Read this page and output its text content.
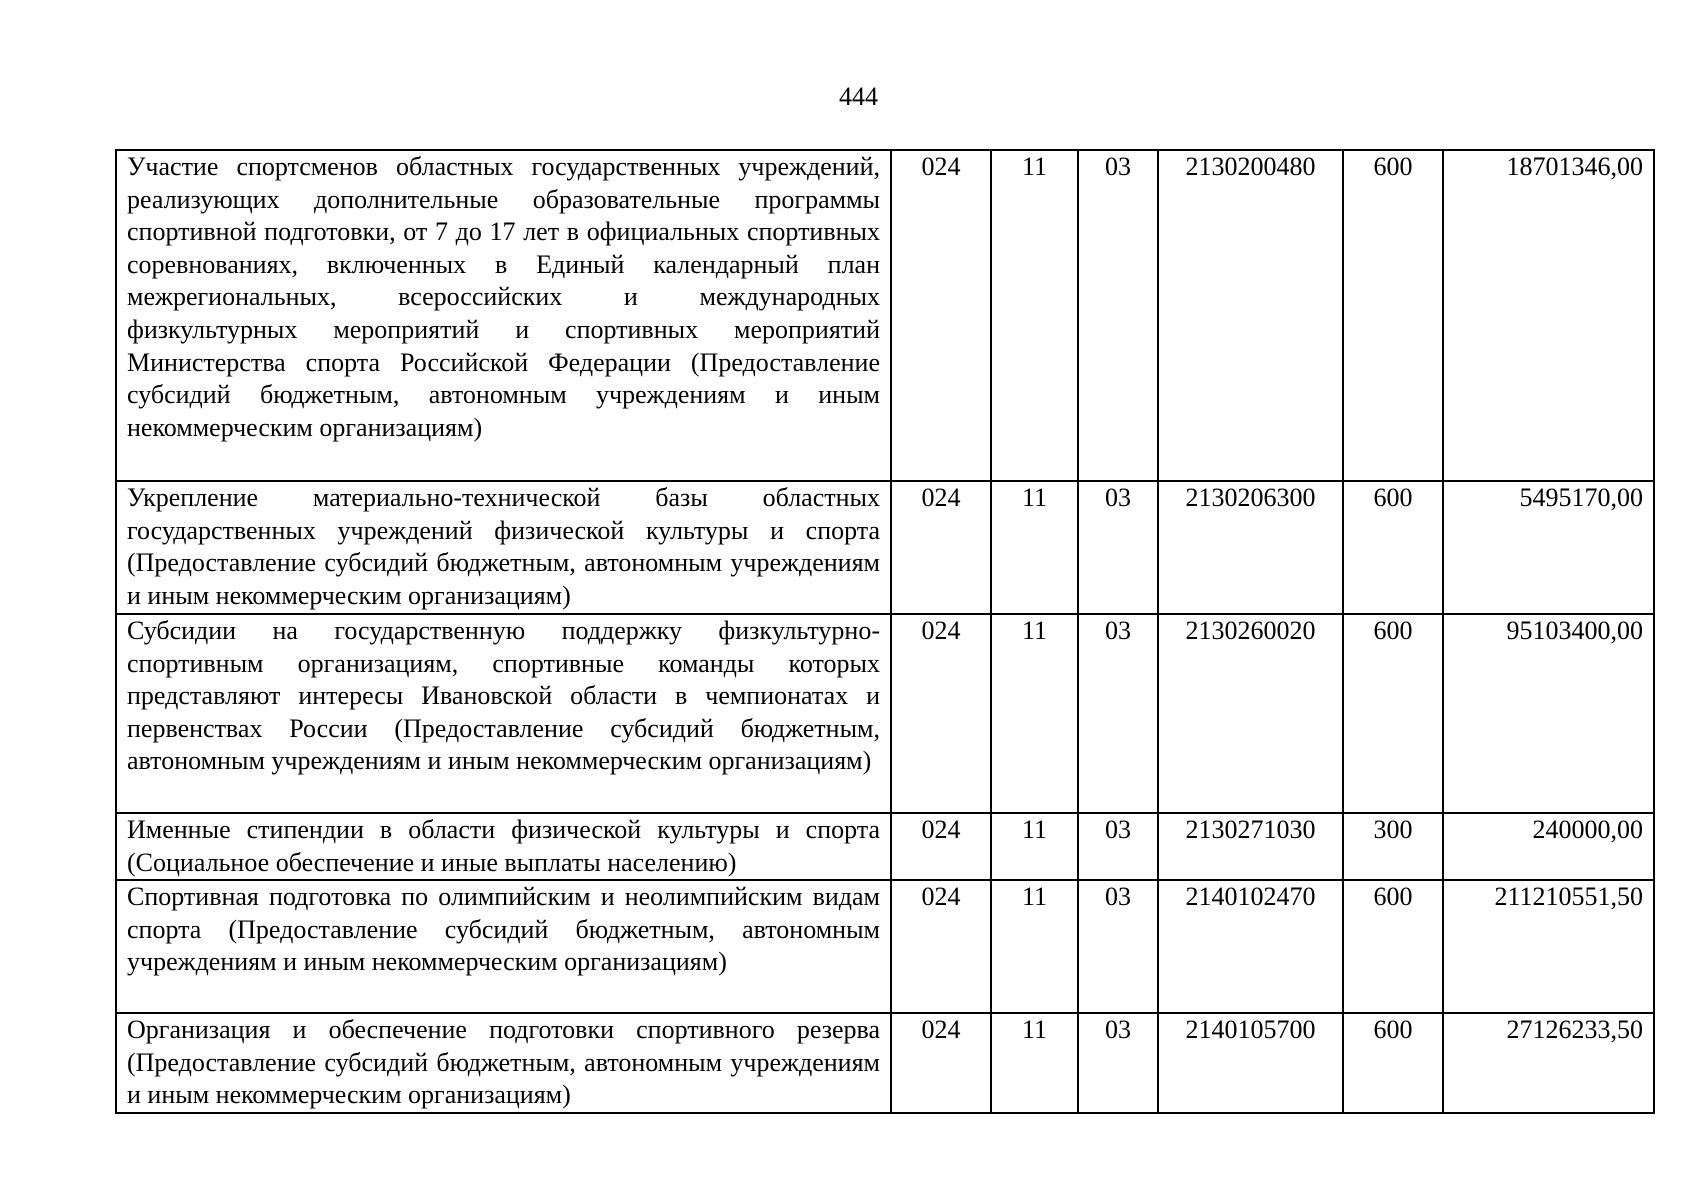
444
Участие спортсменов областных государственных учреждений, реализующих дополнительные образовательные программы спортивной подготовки, от 7 до 17 лет в официальных спортивных соревнованиях, включенных в Единый календарный план межрегиональных, всероссийских и международных физкультурных мероприятий и спортивных мероприятий Министерства спорта Российской Федерации (Предоставление субсидий бюджетным, автономным учреждениям и иным некоммерческим организациям)	024	11	03	2130200480	600	18701346,00
Укрепление материально-технической базы областных государственных учреждений физической культуры и спорта (Предоставление субсидий бюджетным, автономным учреждениям и иным некоммерческим организациям)	024	11	03	2130206300	600	5495170,00
Субсидии на государственную поддержку физкультурно-спортивным организациям, спортивные команды которых представляют интересы Ивановской области в чемпионатах и первенствах России (Предоставление субсидий бюджетным, автономным учреждениям и иным некоммерческим организациям)	024	11	03	2130260020	600	95103400,00
Именные стипендии в области физической культуры и спорта (Социальное обеспечение и иные выплаты населению)	024	11	03	2130271030	300	240000,00
Спортивная подготовка по олимпийским и неолимпийским видам спорта (Предоставление субсидий бюджетным, автономным учреждениям и иным некоммерческим организациям)	024	11	03	2140102470	600	211210551,50
Организация и обеспечение подготовки спортивного резерва (Предоставление субсидий бюджетным, автономным учреждениям и иным некоммерческим организациям)	024	11	03	2140105700	600	27126233,50
